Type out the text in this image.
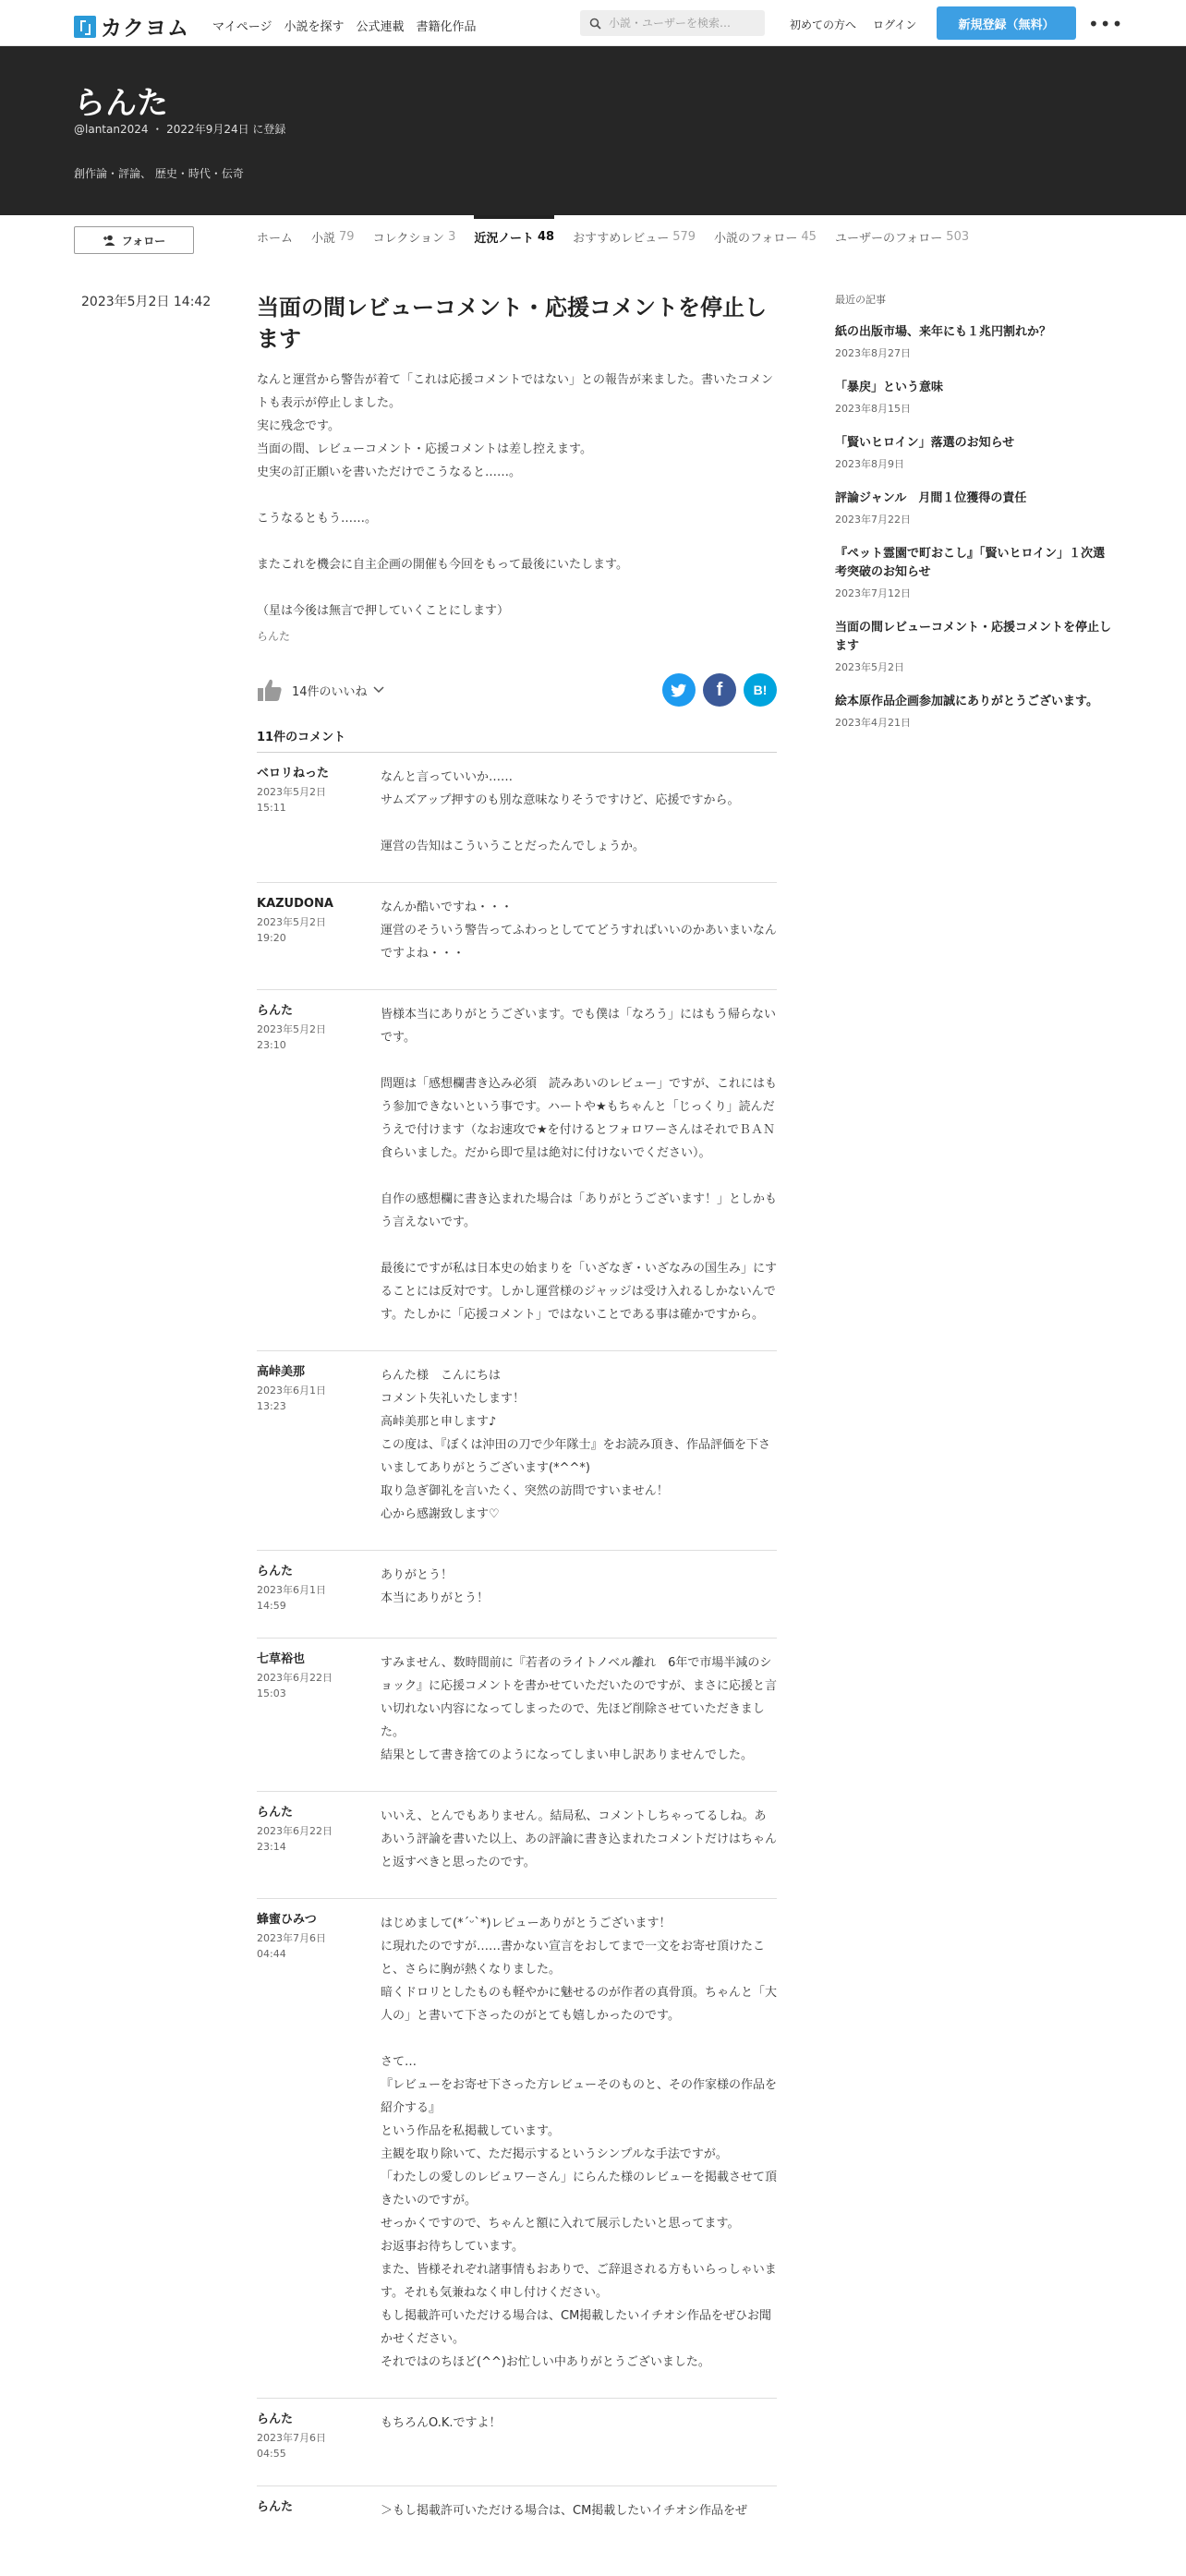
カクヨム マイページ 小説を探す 公式連載 書籍化作品
小説・ユーザーを検索…	初めての方へ ログイン	新規登録（無料）	•••
らんた
@lantan2024 ・ 2022年9月24日 に登録
創作論・評論、 歴史・時代・伝奇
フォロー	ホーム 小説 79 コレクション 3 近況ノート 48 おすすめレビュー 579 小説のフォロー 45 ユーザーのフォロー 503
2023年5月2日 14:42 当面の間レビューコメント・応援コメントを停止します
なんと運営から警告が着て「これは応援コメントではない」との報告が来ました。書いたコメントも表示が停止しました。
実に残念です。
当面の間、レビューコメント・応援コメントは差し控えます。
史実の訂正願いを書いただけでこうなると……。

こうなるともう……。

またこれを機会に自主企画の開催も今回をもって最後にいたします。

（星は今後は無言で押していくことにします）
らんた
14件のいいね	f B!
11件のコメント
ベロリねった
2023年5月2日
15:11
なんと言っていいか……
サムズアップ押すのも別な意味なりそうですけど、応援ですから。

運営の告知はこういうことだったんでしょうか。

KAZUDONA
2023年5月2日
19:20
なんか酷いですね・・・
運営のそういう警告ってふわっとしててどうすればいいのかあいまいなんですよね・・・
らんた
2023年5月2日
23:10
皆様本当にありがとうございます。でも僕は「なろう」にはもう帰らないです。

問題は「感想欄書き込み必須　読みあいのレビュー」ですが、これにはもう参加できないという事です。ハートや★もちゃんと「じっくり」読んだうえで付けます（なお速攻で★を付けるとフォロワーさんはそれでＢＡＮ食らいました。だから即で星は絶対に付けないでください）。

自作の感想欄に書き込まれた場合は「ありがとうございます！」としかもう言えないです。

最後にですが私は日本史の始まりを「いざなぎ・いざなみの国生み」にすることには反対です。しかし運営様のジャッジは受け入れるしかないんです。たしかに「応援コメント」ではないことである事は確かですから。
高峠美那
2023年6月1日
13:23
らんた様　こんにちは
コメント失礼いたします！
高峠美那と申します♪
この度は、『ぼくは沖田の刀で少年隊士』をお読み頂き、作品評価を下さいましてありがとうございます(*^^*)
取り急ぎ御礼を言いたく、突然の訪問ですいません！
心から感謝致します♡
らんた
2023年6月1日
14:59
ありがとう！
本当にありがとう！
七草裕也
2023年6月22日
15:03
すみません、数時間前に『若者のライトノベル離れ　6年で市場半減のショック』に応援コメントを書かせていただいたのですが、まさに応援と言い切れない内容になってしまったので、先ほど削除させていただきました。
結果として書き捨てのようになってしまい申し訳ありませんでした。
らんた
2023年6月22日
23:14
いいえ、とんでもありません。結局私、コメントしちゃってるしね。ああいう評論を書いた以上、あの評論に書き込まれたコメントだけはちゃんと返すべきと思ったのです。
蜂蜜ひみつ
2023年7月6日
04:44
はじめまして(*ˊᵕˋ*)レビューありがとうございます！
に現れたのですが……書かない宣言をおしてまで一文をお寄せ頂けたこと、さらに胸が熱くなりました。
暗くドロリとしたものも軽やかに魅せるのが作者の真骨頂。ちゃんと「大人の」と書いて下さったのがとても嬉しかったのです。

さて…
『レビューをお寄せ下さった方レビューそのものと、その作家様の作品を紹介する』
という作品を私掲載しています。
主観を取り除いて、ただ掲示するというシンプルな手法ですが。
「わたしの愛しのレビュワーさん」にらんた様のレビューを掲載させて頂きたいのですが。
せっかくですので、ちゃんと額に入れて展示したいと思ってます。
お返事お待ちしています。
また、皆様それぞれ諸事情もおありで、ご辞退される方もいらっしゃいます。それも気兼ねなく申し付けください。
もし掲載許可いただける場合は、CM掲載したいイチオシ作品をぜひお聞かせください。
それではのちほど(^^)お忙しい中ありがとうございました。
らんた
2023年7月6日
04:55
もちろんO.K.ですよ！
らんた	＞もし掲載許可いただける場合は、CM掲載したいイチオシ作品をぜ
最近の記事
紙の出版市場、来年にも１兆円割れか？
2023年8月27日
「暴戻」という意味
2023年8月15日
「賢いヒロイン」落選のお知らせ
2023年8月9日
評論ジャンル　月間１位獲得の責任
2023年7月22日
『ペット霊園で町おこし』「賢いヒロイン」１次選考突破のお知らせ
2023年7月12日
当面の間レビューコメント・応援コメントを停止します
2023年5月2日
絵本原作品企画参加誠にありがとうございます。
2023年4月21日
